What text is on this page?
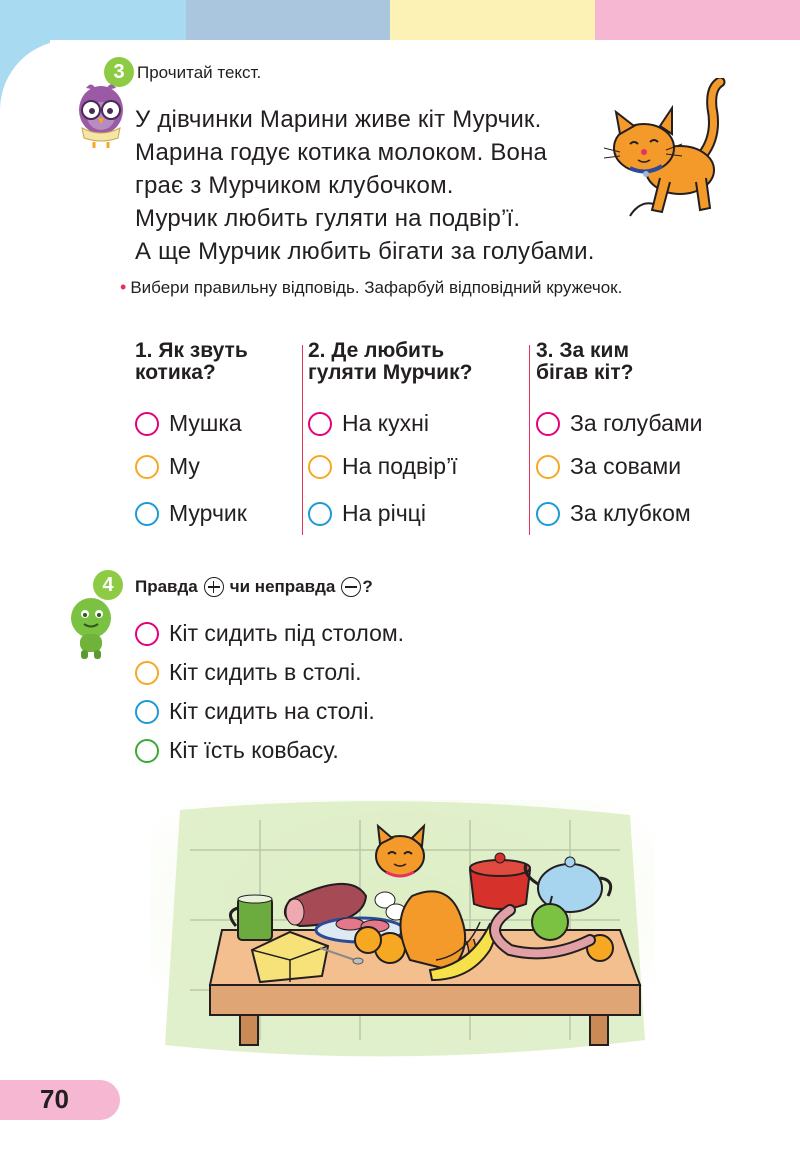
3 Прочитай текст.
У дівчинки Марини живе кіт Мурчик.
Марина годує котика молоком. Вона
грає з Мурчиком клубочком.
Мурчик любить гуляти на подвір’ї.
А ще Мурчик любить бігати за голубами.
• Вибери правильну відповідь. Зафарбуй відповідний кружечок.
1. Як звуть
котика?
Мушка
Му
Мурчик
2. Де любить
гуляти Мурчик?
На кухні
На подвір’ї
На річці
3. За ким
бігав кіт?
За голубами
За совами
За клубком
4	Правда чи неправда ?
Кіт сидить під столом.
Кіт сидить в столі.
Кіт сидить на столі.
Кіт їсть ковбасу.
70
